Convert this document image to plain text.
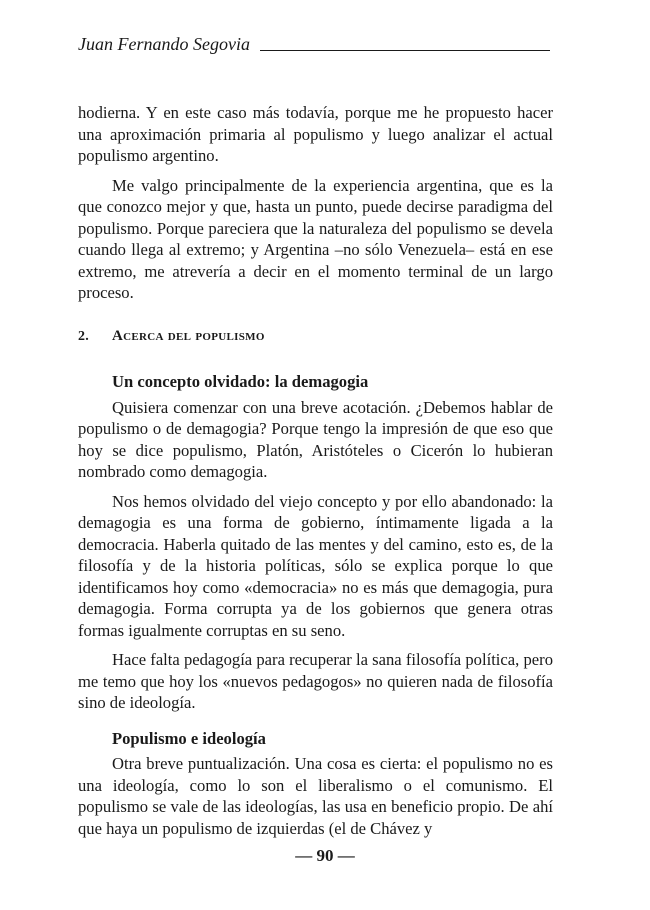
Juan Fernando Segovia

hodierna. Y en este caso más todavía, porque me he propuesto hacer una aproximación primaria al populismo y luego analizar el actual populismo argentino.

Me valgo principalmente de la experiencia argentina, que es la que conozco mejor y que, hasta un punto, puede decirse paradigma del populismo. Porque pareciera que la naturaleza del populismo se devela cuando llega al extremo; y Argentina –no sólo Venezuela– está en ese extremo, me atrevería a decir en el momento terminal de un largo proceso.

2.	Acerca del populismo
Un concepto olvidado: la demagogia

Quisiera comenzar con una breve acotación. ¿Debemos hablar de populismo o de demagogia? Porque tengo la impresión de que eso que hoy se dice populismo, Platón, Aristóteles o Cicerón lo hubieran nombrado como demagogia.

Nos hemos olvidado del viejo concepto y por ello abandonado: la demagogia es una forma de gobierno, íntimamente ligada a la democracia. Haberla quitado de las mentes y del camino, esto es, de la filosofía y de la historia políticas, sólo se explica porque lo que identificamos hoy como «democracia» no es más que demagogia, pura demagogia. Forma corrupta ya de los gobiernos que genera otras formas igualmente corruptas en su seno.

Hace falta pedagogía para recuperar la sana filosofía política, pero me temo que hoy los «nuevos pedagogos» no quieren nada de filosofía sino de ideología.

Populismo e ideología

Otra breve puntualización. Una cosa es cierta: el populismo no es una ideología, como lo son el liberalismo o el comunismo. El populismo se vale de las ideologías, las usa en beneficio propio. De ahí que haya un populismo de izquierdas (el de Chávez y

— 90 —
